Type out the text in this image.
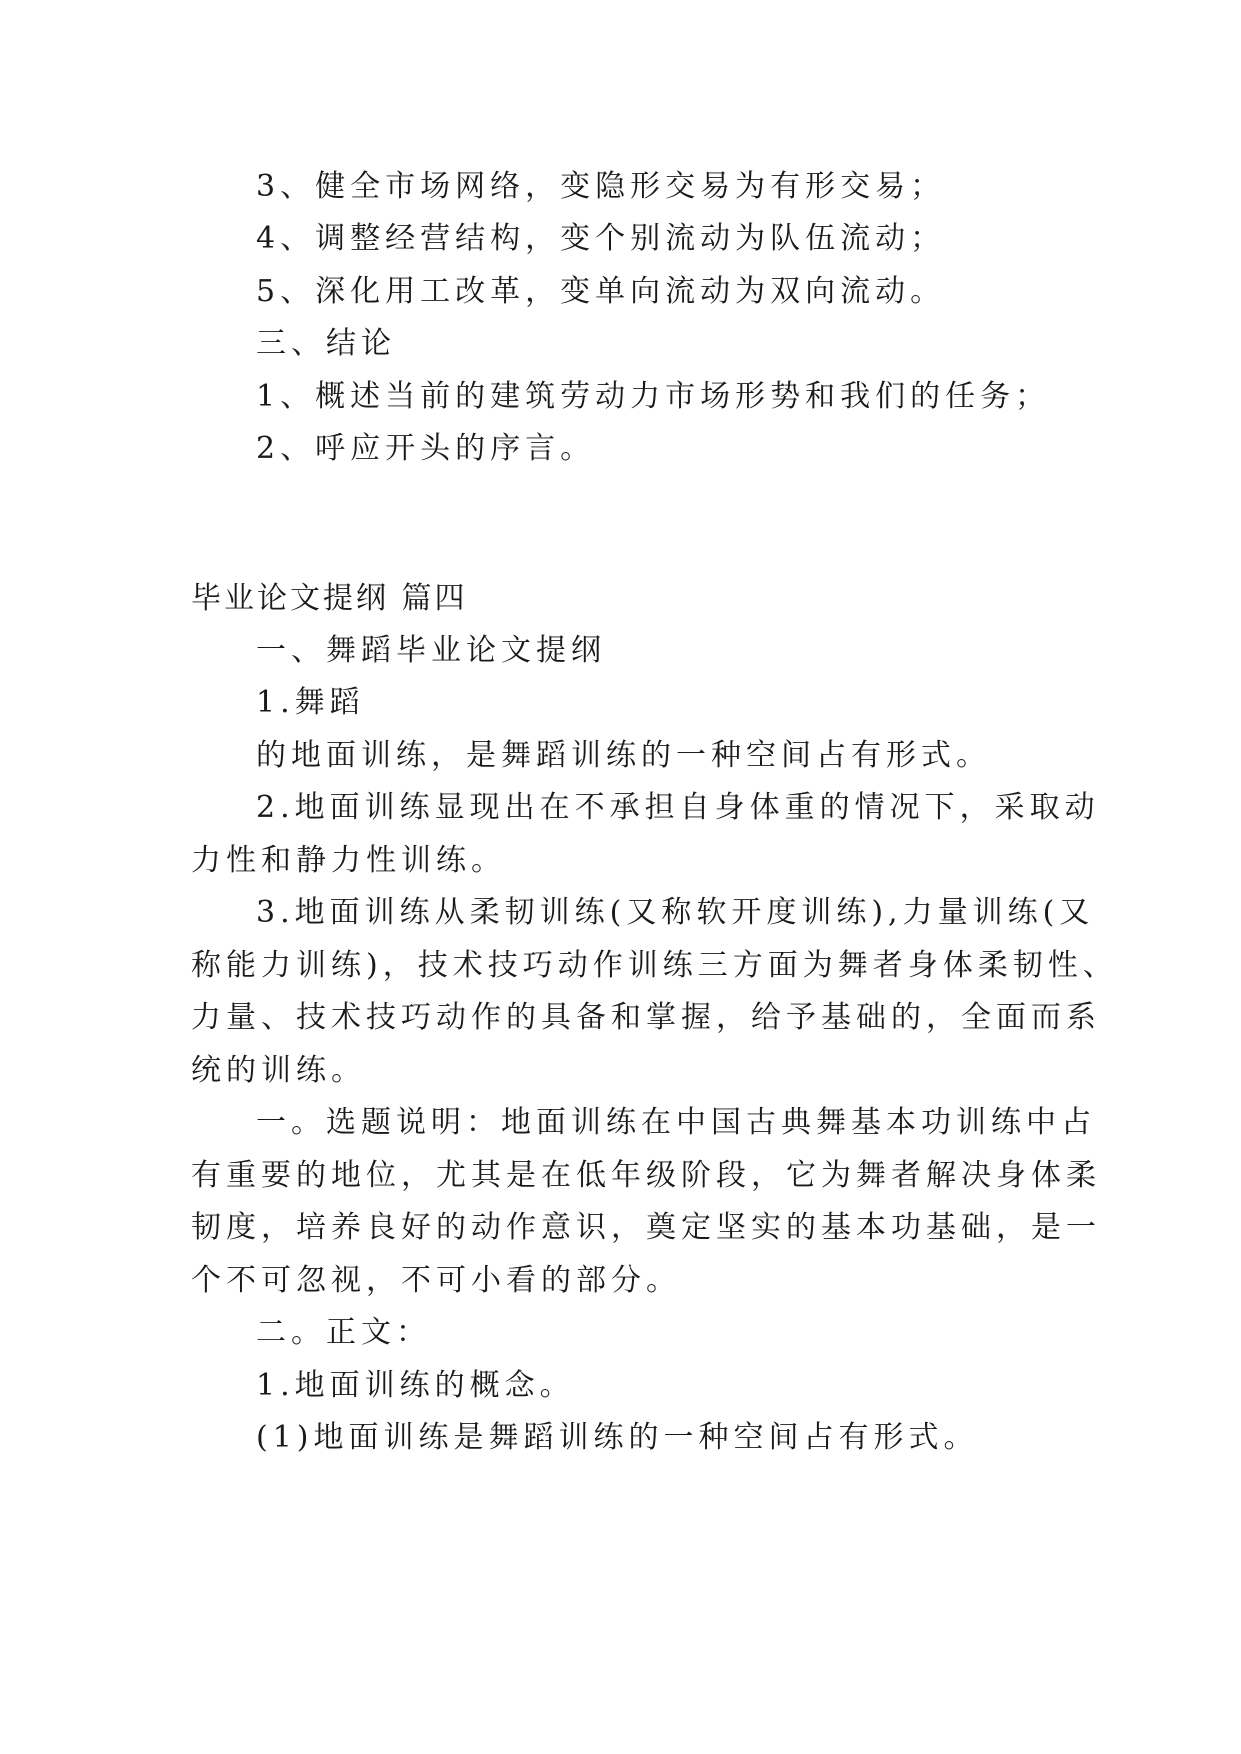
3、健全市场网络，变隐形交易为有形交易；
4、调整经营结构，变个别流动为队伍流动；
5、深化用工改革，变单向流动为双向流动。
三、结论
1、概述当前的建筑劳动力市场形势和我们的任务；
2、呼应开头的序言。
毕业论文提纲 篇四
一、舞蹈毕业论文提纲
1.舞蹈
的地面训练，是舞蹈训练的一种空间占有形式。
2.地面训练显现出在不承担自身体重的情况下，采取动
力性和静力性训练。
3.地面训练从柔韧训练(又称软开度训练),力量训练(又
称能力训练)，技术技巧动作训练三方面为舞者身体柔韧性、
力量、技术技巧动作的具备和掌握，给予基础的，全面而系
统的训练。
一。选题说明：地面训练在中国古典舞基本功训练中占
有重要的地位，尤其是在低年级阶段，它为舞者解决身体柔
韧度，培养良好的动作意识，奠定坚实的基本功基础，是一
个不可忽视，不可小看的部分。
二。正文：
1.地面训练的概念。
(1)地面训练是舞蹈训练的一种空间占有形式。
